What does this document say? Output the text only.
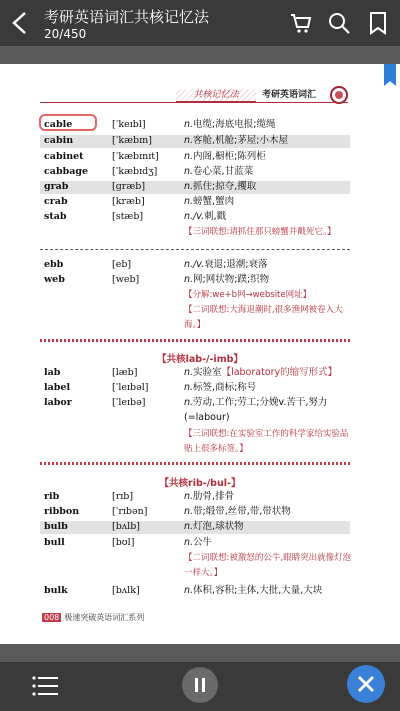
考研英语词汇共核记忆法
20/450
共核记忆法	考研英语词汇
cable	[ˈkeɪbl]	n.电缆;海底电报;缆绳
cabin	[ˈkæbɪn]	n.客舱,机舱;茅屋;小木屋
cabinet	[ˈkæbɪnɪt]	n.内阁,橱柜;陈列柜
cabbage	[ˈkæbɪdʒ]	n.卷心菜,甘蓝菜
grab	[græb]	n.抓住;掠夺,攫取
crab	[kræb]	n.螃蟹,蟹肉
stab	[stæb]	n./v.刺,戳
【三词联想:请抓住那只螃蟹并戳死它。】
ebb	[eb]	n./v.衰退;退潮;衰落
web	[web]	n.网;网状物;蹼;织物
【分解:we+b网→website网址】
【二词联想:大海退潮时,很多渔网被卷入大海。】
【共核lab-/-imb】
lab	[læb]	n.实验室【laboratory的缩写形式】
label	[ˈleɪbəl]	n.标签,商标;称号
labor	[ˈleɪbə]	n.劳动,工作;劳工;分娩v.苦干,努力
(=labour)
【三词联想:在实验室工作的科学家给实验品贴上很多标签。】
【共核rib-/bul-】
rib	[rɪb]	n.肋骨,排骨
ribbon	[ˈrɪbən]	n.带;缎带,丝带,带,带状物
bulb	[bʌlb]	n.灯泡,球状物
bull	[bʊl]	n.公牛
【二词联想:被激怒的公牛,眼睛突出就像灯泡一样大。】
bulk	[bʌlk]	n.体积,容积;主体,大批,大量,大块
008 极速突破英语词汇系列
